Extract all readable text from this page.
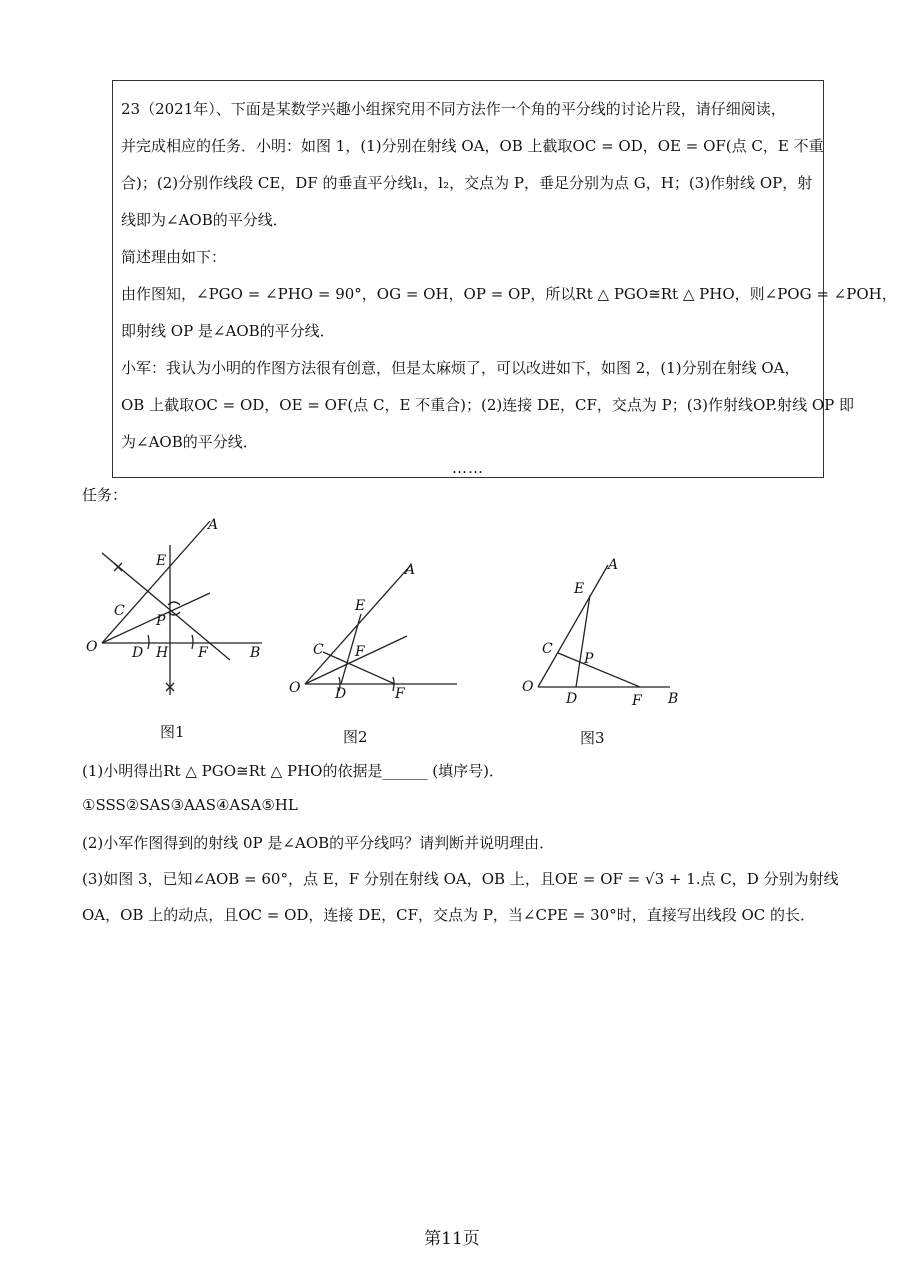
23（2021年）、下面是某数学兴趣小组探究用不同方法作一个角的平分线的讨论片段，请仔细阅读，
并完成相应的任务．小明：如图 1，(1)分别在射线 OA，OB 上截取OC = OD，OE = OF(点 C，E 不重
合)；(2)分别作线段 CE，DF 的垂直平分线l₁，l₂，交点为 P，垂足分别为点 G，H；(3)作射线 OP，射
线即为∠AOB的平分线．
简述理由如下：
由作图知，∠PGO = ∠PHO = 90°，OG = OH，OP = OP，所以Rt △ PGO≅Rt △ PHO，则∠POG = ∠POH，
即射线 OP 是∠AOB的平分线．
小军：我认为小明的作图方法很有创意，但是太麻烦了，可以改进如下，如图 2，(1)分别在射线 OA，
OB 上截取OC = OD，OE = OF(点 C，E 不重合)；(2)连接 DE，CF，交点为 P；(3)作射线OP.射线 OP 即
为∠AOB的平分线．
……
任务：
A
E
C
P
O D H F	B
图1
A
E
C F
O D	F
图2
A
E
C
P
O
D	F B
图3
(1)小明得出Rt △ PGO≅Rt △ PHO的依据是______ (填序号)．
①SSS②SAS③AAS④ASA⑤HL
(2)小军作图得到的射线 0P 是∠AOB的平分线吗？请判断并说明理由．
(3)如图 3，已知∠AOB = 60°，点 E，F 分别在射线 OA，OB 上，且OE = OF = √3 + 1.点 C，D 分别为射线
OA，OB 上的动点，且OC = OD，连接 DE，CF，交点为 P，当∠CPE = 30°时，直接写出线段 OC 的长．
第11页
